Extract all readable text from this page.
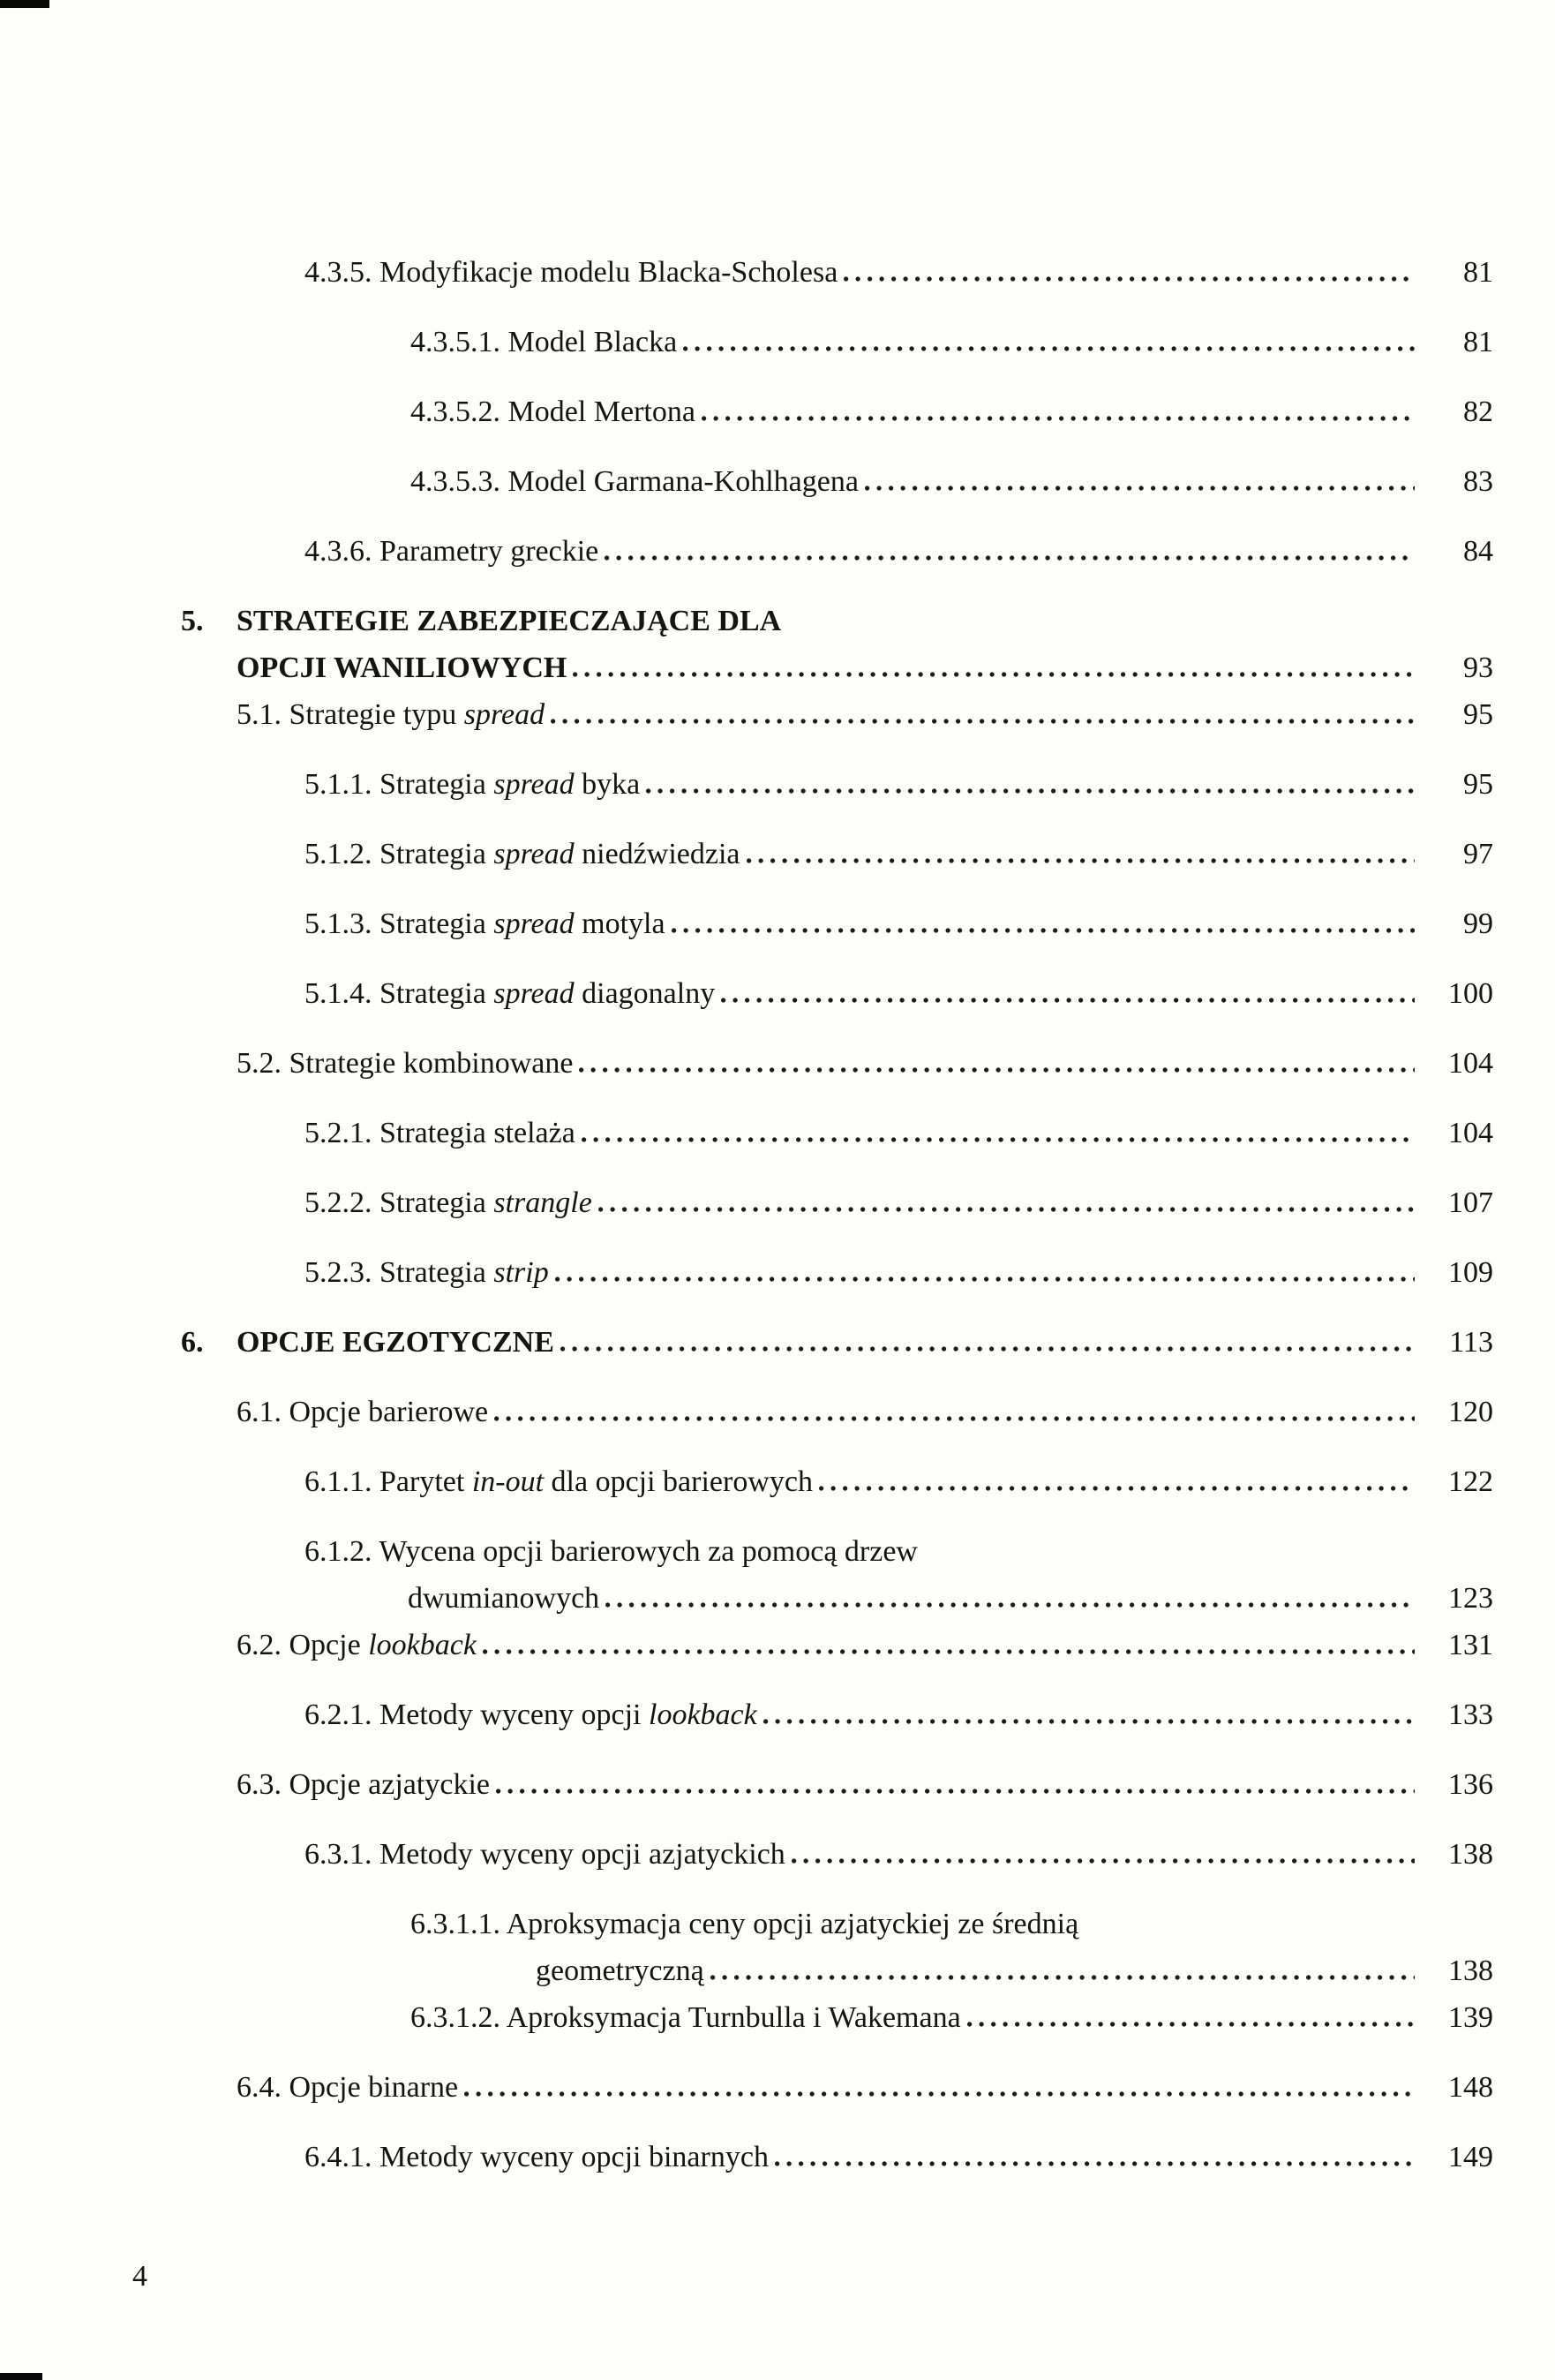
4.3.5. Modyfikacje modelu Blacka-Scholesa	81
4.3.5.1. Model Blacka	81
4.3.5.2. Model Mertona	82
4.3.5.3. Model Garmana-Kohlhagena	83
4.3.6. Parametry greckie	84
5. STRATEGIE ZABEZPIECZAJĄCE DLA
OPCJI WANILIOWYCH	93
5.1. Strategie typu spread	95
5.1.1. Strategia spread byka	95
5.1.2. Strategia spread niedźwiedzia	97
5.1.3. Strategia spread motyla	99
5.1.4. Strategia spread diagonalny	100
5.2. Strategie kombinowane	104
5.2.1. Strategia stelaża	104
5.2.2. Strategia strangle	107
5.2.3. Strategia strip	109
6. OPCJE EGZOTYCZNE	113
6.1. Opcje barierowe	120
6.1.1. Parytet in-out dla opcji barierowych	122
6.1.2. Wycena opcji barierowych za pomocą drzew
dwumianowych	123
6.2. Opcje lookback	131
6.2.1. Metody wyceny opcji lookback	133
6.3. Opcje azjatyckie	136
6.3.1. Metody wyceny opcji azjatyckich	138
6.3.1.1. Aproksymacja ceny opcji azjatyckiej ze średnią
geometryczną	138
6.3.1.2. Aproksymacja Turnbulla i Wakemana	139
6.4. Opcje binarne	148
6.4.1. Metody wyceny opcji binarnych	149
4
